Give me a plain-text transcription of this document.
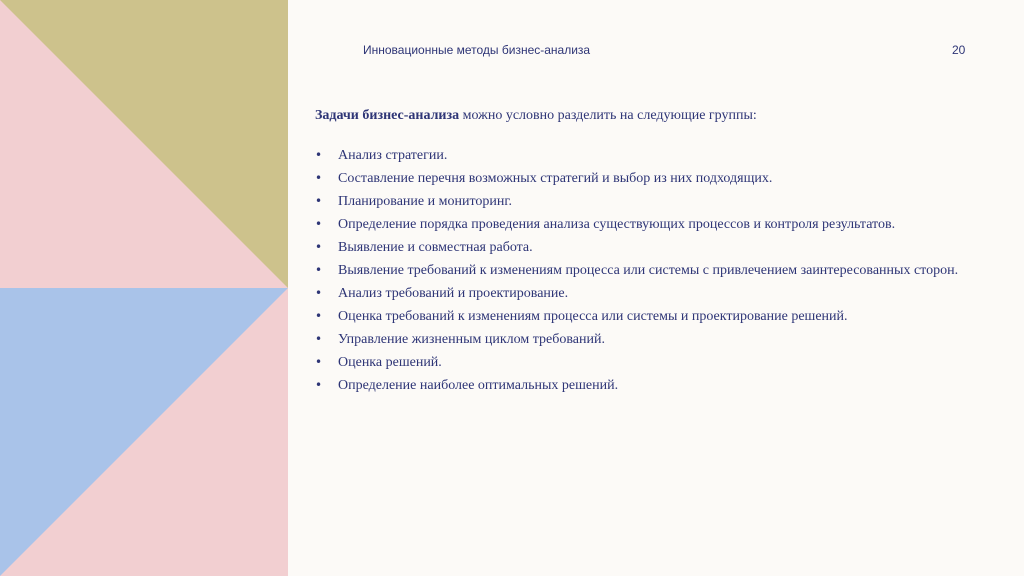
Инновационные методы бизнес-анализа	20

Задачи бизнес-анализа можно условно разделить на следующие группы:

• Анализ стратегии.
• Составление перечня возможных стратегий и выбор из них подходящих.
• Планирование и мониторинг.
• Определение порядка проведения анализа существующих процессов и контроля результатов.
• Выявление и совместная работа.
• Выявление требований к изменениям процесса или системы с привлечением заинтересованных сторон.
• Анализ требований и проектирование.
• Оценка требований к изменениям процесса или системы и проектирование решений.
• Управление жизненным циклом требований.
• Оценка решений.
• Определение наиболее оптимальных решений.
